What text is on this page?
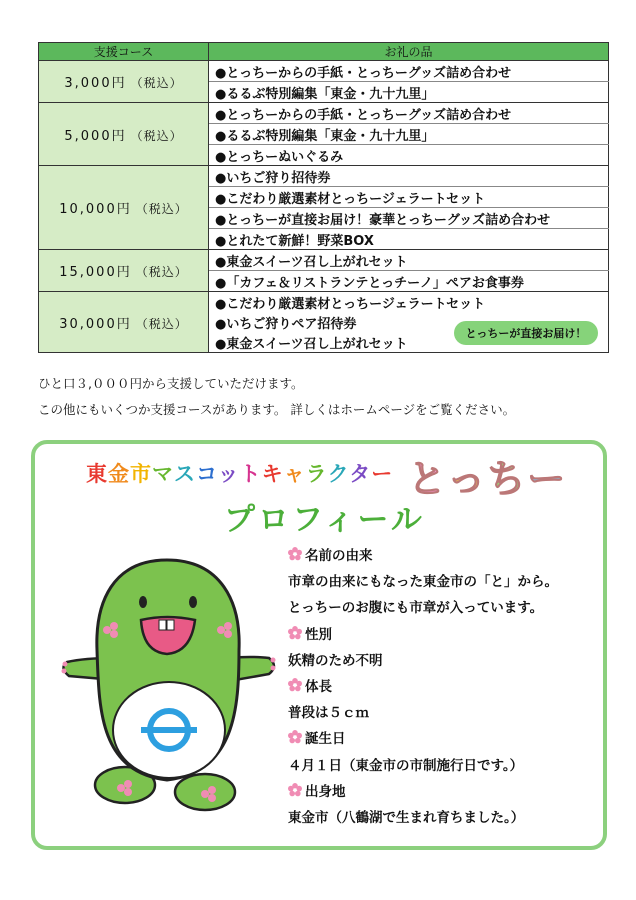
支援コース	お礼の品
3,000円 （税込）	●とっちーからの手紙・とっちーグッズ詰め合わせ
	●るるぶ特別編集「東金・九十九里」
5,000円 （税込）	●とっちーからの手紙・とっちーグッズ詰め合わせ
	●るるぶ特別編集「東金・九十九里」
	●とっちーぬいぐるみ
10,000円 （税込）	●いちご狩り招待券
	●こだわり厳選素材とっちージェラートセット
	●とっちーが直接お届け！豪華とっちーグッズ詰め合わせ
	●とれたて新鮮！野菜BOX
15,000円 （税込）	●東金スイーツ召し上がれセット
	●「カフェ＆リストランテとっチーノ」ペアお食事券
30,000円 （税込）	●こだわり厳選素材とっちージェラートセット
	●いちご狩りペア招待券
	●東金スイーツ召し上がれセット
とっちーが直接お届け！
ひと口３,０００円から支援していただけます。
この他にもいくつか支援コースがあります。 詳しくはホームページをご覧ください。
東金市マスコットキャラクター とっちー
プロフィール
名前の由来
市章の由来にもなった東金市の「と」から。
とっちーのお腹にも市章が入っています。
性別
妖精のため不明
体長
普段は５ｃｍ
誕生日
４月１日（東金市の市制施行日です。）
出身地
東金市（八鶴湖で生まれ育ちました。）
